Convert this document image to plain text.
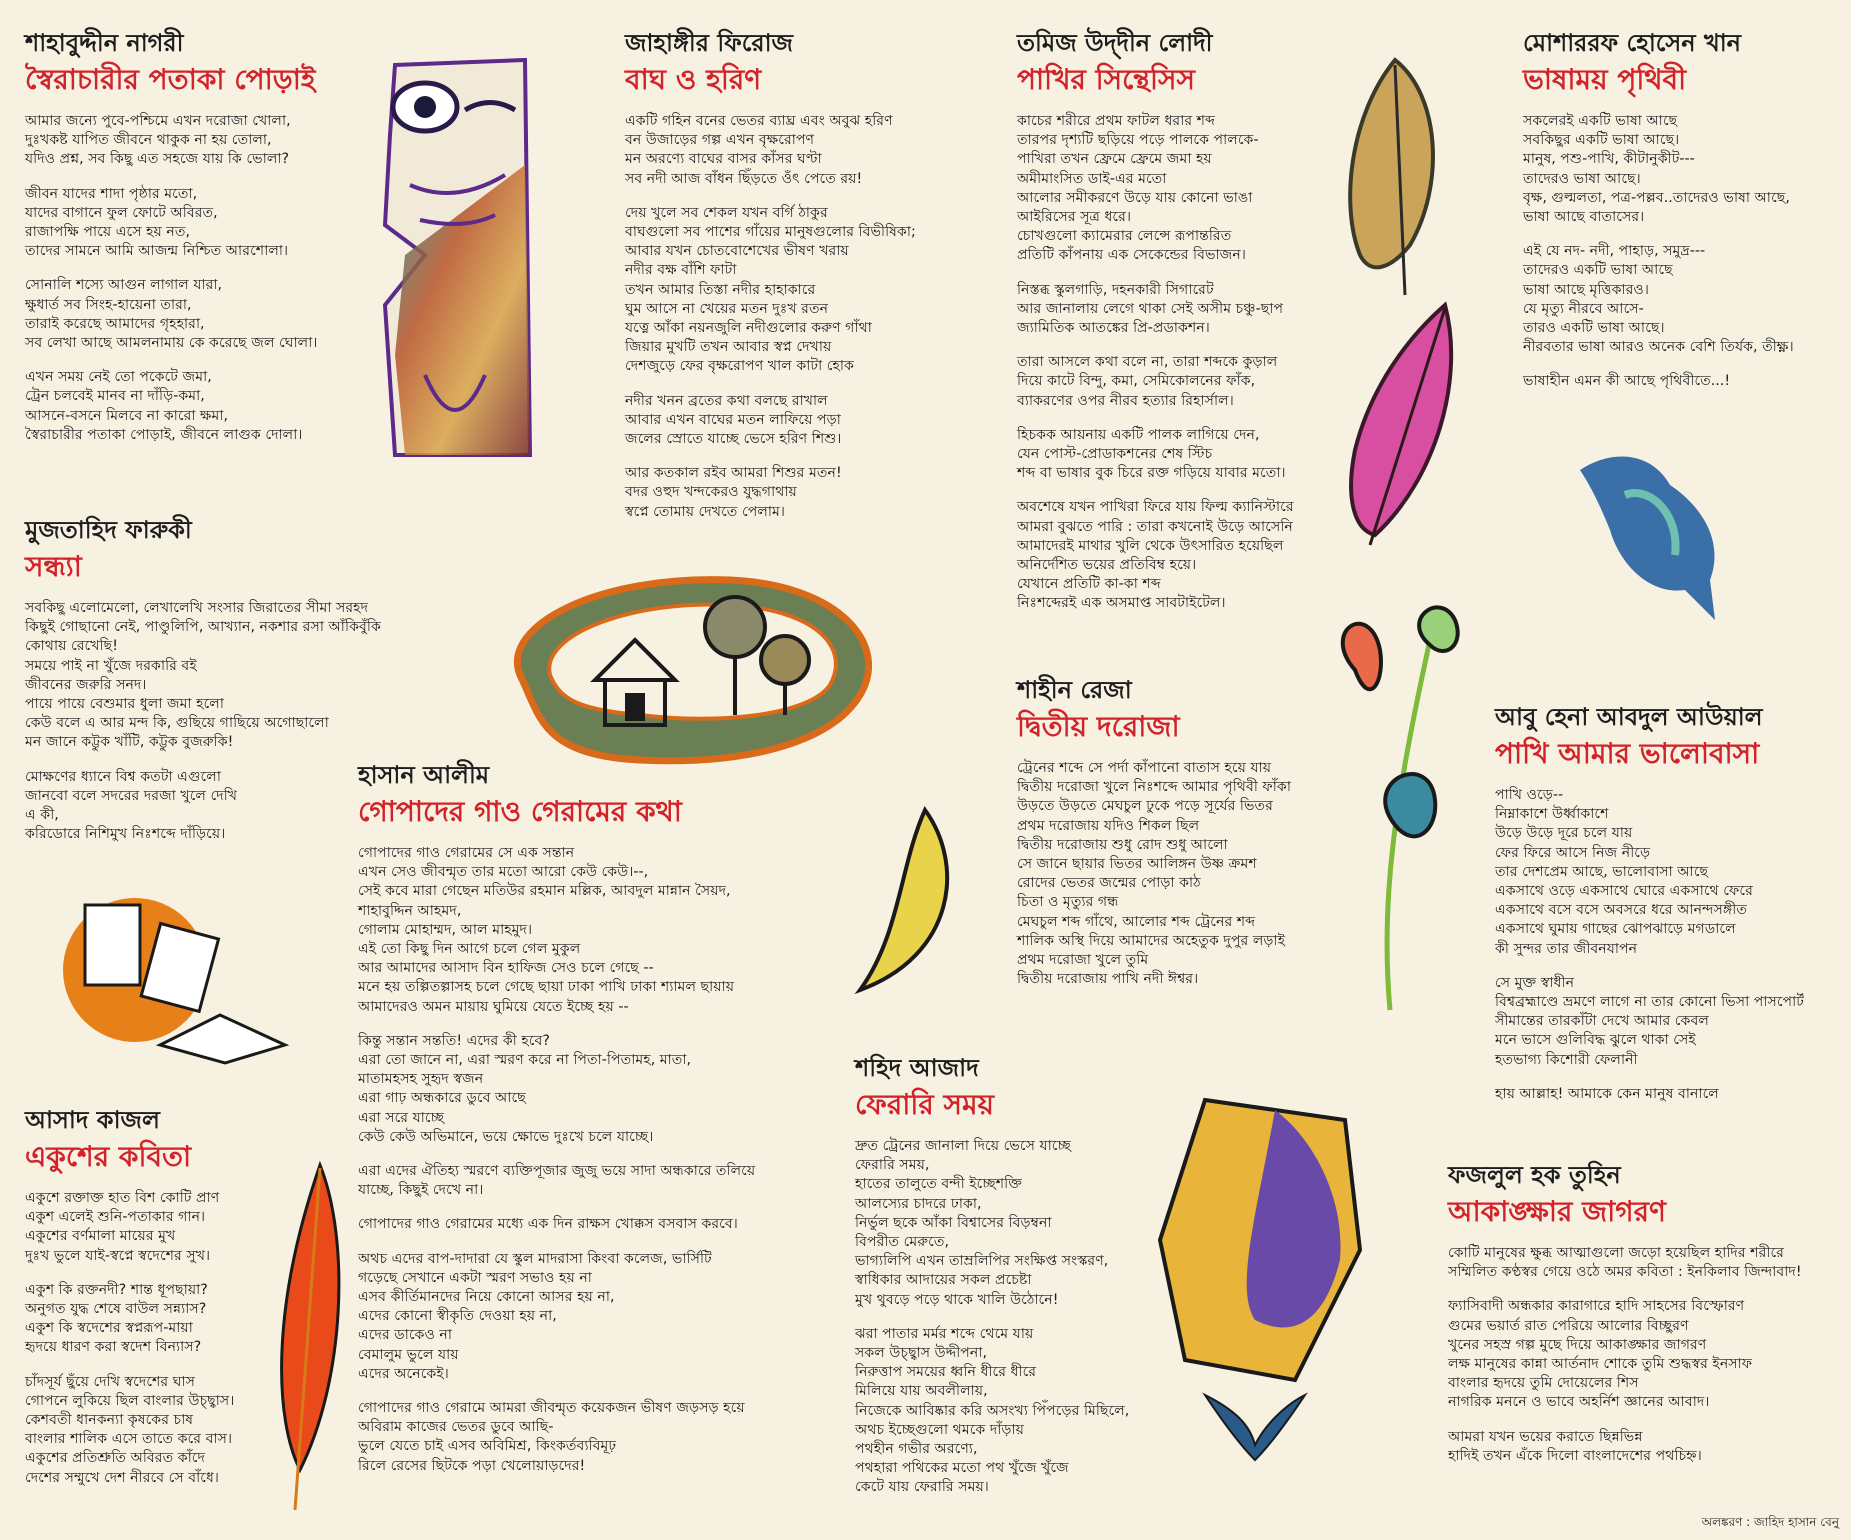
শাহাবুদ্দীন নাগরী
স্বৈরাচারীর পতাকা পোড়াই
আমার জন্যে পুবে-পশ্চিমে এখন দরোজা খোলা,
দুঃখকষ্ট যাপিত জীবনে থাকুক না হয় তোলা,
যদিও প্রশ্ন, সব কিছু এত সহজে যায় কি ভোলা?
জীবন যাদের শাদা পৃষ্ঠার মতো,
যাদের বাগানে ফুল ফোটে অবিরত,
রাজাপক্ষি পায়ে এসে হয় নত,
তাদের সামনে আমি আজন্ম নিশ্চিত আরশোলা।
সোনালি শস্যে আগুন লাগাল যারা,
ক্ষুধার্ত সব সিংহ-হায়েনা তারা,
তারাই করেছে আমাদের গৃহহারা,
সব লেখা আছে আমলনামায় কে করেছে জল ঘোলা।
এখন সময় নেই তো পকেটে জমা,
ট্রেন চলবেই মানব না দাঁড়ি-কমা,
আসনে-বসনে মিলবে না কারো ক্ষমা,
স্বৈরাচারীর পতাকা পোড়াই, জীবনে লাগুক দোলা।
মুজতাহিদ ফারুকী
সন্ধ্যা
সবকিছু এলোমেলো, লেখালেখি সংসার জিরাতের সীমা সরহদ
কিছুই গোছানো নেই, পাণ্ডুলিপি, আখ্যান, নকশার রসা আঁকিবুঁকি
কোথায় রেখেছি!
সময়ে পাই না খুঁজে দরকারি বই
জীবনের জরুরি সনদ।
পায়ে পায়ে বেশুমার ধুলা জমা হলো
কেউ বলে এ আর মন্দ কি, গুছিয়ে গাছিয়ে অগোছালো
মন জানে কট্টুক খাঁটি, কট্টুক বুজরুকি!
মোক্ষণের ধ্যানে বিশ্ব কতটা এগুলো
জানবো বলে সদরের দরজা খুলে দেখি
এ কী,
করিডোরে নিশিমুখ নিঃশব্দে দাঁড়িয়ে।
আসাদ কাজল
একুশের কবিতা
একুশে রক্তাক্ত হাত বিশ কোটি প্রাণ
একুশ এলেই শুনি-পতাকার গান।
একুশের বর্ণমালা মায়ের মুখ
দুঃখ ভুলে যাই-স্বপ্নে স্বদেশের সুখ।
একুশ কি রক্তনদী? শান্ত ধূপছায়া?
অনুগত যুদ্ধ শেষে বাউল সন্ন্যাস?
একুশ কি স্বদেশের স্বপ্নরূপ-মায়া
হৃদয়ে ধারণ করা স্বদেশ বিন্যাস?
চাঁদসূর্য ছুঁয়ে দেখি স্বদেশের ঘাস
গোপনে লুকিয়ে ছিল বাংলার উচ্ছ্বাস।
কেশবতী ধানকন্যা কৃষকের চাষ
বাংলার শালিক এসে তাতে করে বাস।
একুশের প্রতিশ্রুতি অবিরত কাঁদে
দেশের সম্মুখে দেশ নীরবে সে বাঁধে।
জাহাঙ্গীর ফিরোজ
বাঘ ও হরিণ
একটি গহিন বনের ভেতর ব্যাঘ্র এবং অবুঝ হরিণ
বন উজাড়ের গল্প এখন বৃক্ষরোপণ
মন অরণ্যে বাঘের বাসর কাঁসর ঘণ্টা
সব নদী আজ বাঁধন ছিঁড়তে ওঁৎ পেতে রয়!
দেয় খুলে সব শেকল যখন বর্গি ঠাকুর
বাঘগুলো সব পাশের গাঁয়ের মানুষগুলোর বিভীষিকা;
আবার যখন চোতবোশেখের ভীষণ খরায়
নদীর বক্ষ বাঁশি ফাটা
তখন আমার তিস্তা নদীর হাহাকারে
ঘুম আসে না খেয়ের মতন দুঃখ রতন
যত্নে আঁকা নয়নজুলি নদীগুলোর করুণ গাঁথা
জিয়ার মুখটি তখন আবার স্বপ্ন দেখায়
দেশজুড়ে ফের বৃক্ষরোপণ খাল কাটা হোক
নদীর খনন ব্রতের কথা বলছে রাখাল
আবার এখন বাঘের মতন লাফিয়ে পড়া
জলের স্রোতে যাচ্ছে ভেসে হরিণ শিশু।
আর কতকাল রইব আমরা শিশুর মতন!
বদর ওহুদ খন্দকেরও যুদ্ধগাথায়
স্বপ্নে তোমায় দেখতে পেলাম।
হাসান আলীম
গোপাদের গাও গেরামের কথা
গোপাদের গাও গেরামের সে এক সন্তান
এখন সেও জীবন্মৃত তার মতো আরো কেউ কেউ।--,
সেই কবে মারা গেছেন মতিউর রহমান মল্লিক, আবদুল মান্নান সৈয়দ,
শাহাবুদ্দিন আহমদ,
গোলাম মোহাম্মদ, আল মাহমুদ।
এই তো কিছু দিন আগে চলে গেল মুকুল
আর আমাদের আসাদ বিন হাফিজ সেও চলে গেছে --
মনে হয় তল্পিতল্পাসহ চলে গেছে ছায়া ঢাকা পাখি ঢাকা শ্যামল ছায়ায়
আমাদেরও অমন মায়ায় ঘুমিয়ে যেতে ইচ্ছে হয় --
কিন্তু সন্তান সন্ততি! এদের কী হবে?
এরা তো জানে না, এরা স্মরণ করে না পিতা-পিতামহ, মাতা,
মাতামহসহ সুহৃদ স্বজন
এরা গাঢ় অন্ধকারে ডুবে আছে
এরা সরে যাচ্ছে
কেউ কেউ অভিমানে, ভয়ে ক্ষোভে দুঃখে চলে যাচ্ছে।
এরা এদের ঐতিহ্য স্মরণে ব্যক্তিপূজার জুজু ভয়ে সাদা অন্ধকারে তলিয়ে
যাচ্ছে, কিছুই দেখে না।
গোপাদের গাও গেরামের মধ্যে এক দিন রাক্ষস খোক্কস বসবাস করবে।
অথচ এদের বাপ-দাদারা যে স্কুল মাদরাসা কিংবা কলেজ, ভার্সিটি
গড়েছে সেখানে একটা স্মরণ সভাও হয় না
এসব কীর্তিমানদের নিয়ে কোনো আসর হয় না,
এদের কোনো স্বীকৃতি দেওয়া হয় না,
এদের ডাকেও না
বেমালুম ভুলে যায়
এদের অনেকেই।
গোপাদের গাও গেরামে আমরা জীবন্মৃত কয়েকজন ভীষণ জড়সড় হয়ে
অবিরাম কাজের ভেতর ডুবে আছি-
ভুলে যেতে চাই এসব অবিমিশ্র, কিংকর্তব্যবিমূঢ়
রিলে রেসের ছিটকে পড়া খেলোয়াড়দের!
তমিজ উদ্‌দীন লোদী
পাখির সিন্থেসিস
কাচের শরীরে প্রথম ফাটল ধরার শব্দ
তারপর দৃশ্যটি ছড়িয়ে পড়ে পালকে পালকে-
পাখিরা তখন ফ্রেমে ফ্রেমে জমা হয়
অমীমাংসিত ডাই-এর মতো
আলোর সমীকরণে উড়ে যায় কোনো ভাঙা
আইরিসের সূত্র ধরে।
চোখগুলো ক্যামেরার লেন্সে রূপান্তরিত
প্রতিটি কাঁপনায় এক সেকেন্ডের বিভাজন।
নিস্তব্ধ স্কুলগাড়ি, দহনকারী সিগারেট
আর জানালায় লেগে থাকা সেই অসীম চঞ্চু-ছাপ
জ্যামিতিক আতঙ্কের প্রি-প্রডাকশন।
তারা আসলে কথা বলে না, তারা শব্দকে কুড়াল
দিয়ে কাটে বিন্দু, কমা, সেমিকোলনের ফাঁক,
ব্যাকরণের ওপর নীরব হত্যার রিহার্সাল।
হিচকক আয়নায় একটি পালক লাগিয়ে দেন,
যেন পোস্ট-প্রোডাকশনের শেষ স্টিচ
শব্দ বা ভাষার বুক চিরে রক্ত গড়িয়ে যাবার মতো।
অবশেষে যখন পাখিরা ফিরে যায় ফিল্ম ক্যানিস্টারে
আমরা বুঝতে পারি : তারা কখনোই উড়ে আসেনি
আমাদেরই মাথার খুলি থেকে উৎসারিত হয়েছিল
অনির্দেশিত ভয়ের প্রতিবিম্ব হয়ে।
যেখানে প্রতিটি কা-কা শব্দ
নিঃশব্দেরই এক অসমাপ্ত সাবটাইটেল।
শাহীন রেজা
দ্বিতীয় দরোজা
ট্রেনের শব্দে সে পর্দা কাঁপানো বাতাস হয়ে যায়
দ্বিতীয় দরোজা খুলে নিঃশব্দে আমার পৃথিবী ফাঁকা
উড়তে উড়তে মেঘচুল ঢুকে পড়ে সূর্যের ভিতর
প্রথম দরোজায় যদিও শিকল ছিল
দ্বিতীয় দরোজায় শুধু রোদ শুধু আলো
সে জানে ছায়ার ভিতর আলিঙ্গন উষ্ণ ক্রমশ
রোদের ভেতর জন্মের পোড়া কাঠ
চিতা ও মৃত্যুর গন্ধ
মেঘচুল শব্দ গাঁথে, আলোর শব্দ ট্রেনের শব্দ
শালিক অস্থি দিয়ে আমাদের অহেতুক দুপুর লড়াই
প্রথম দরোজা খুলে তুমি
দ্বিতীয় দরোজায় পাখি নদী ঈশ্বর।
শহিদ আজাদ
ফেরারি সময়
দ্রুত ট্রেনের জানালা দিয়ে ভেসে যাচ্ছে
ফেরারি সময়,
হাতের তালুতে বন্দী ইচ্ছেশক্তি
আলস্যের চাদরে ঢাকা,
নির্ভুল ছকে আঁকা বিশ্বাসের বিড়ম্বনা
বিপরীত মেরুতে,
ভাগ্যলিপি এখন তাম্রলিপির সংক্ষিপ্ত সংস্করণ,
স্বাধিকার আদায়ের সকল প্রচেষ্টা
মুখ থুবড়ে পড়ে থাকে খালি উঠোনে!
ঝরা পাতার মর্মর শব্দে থেমে যায়
সকল উচ্ছ্বাস উদ্দীপনা,
নিরুত্তাপ সময়ের ধ্বনি ধীরে ধীরে
মিলিয়ে যায় অবলীলায়,
নিজেকে আবিষ্কার করি অসংখ্য পিঁপড়ের মিছিলে,
অথচ ইচ্ছেগুলো থমকে দাঁড়ায়
পথহীন গভীর অরণ্যে,
পথহারা পথিকের মতো পথ খুঁজে খুঁজে
কেটে যায় ফেরারি সময়।
মোশাররফ হোসেন খান
ভাষাময় পৃথিবী
সকলেরই একটি ভাষা আছে
সবকিছুর একটি ভাষা আছে।
মানুষ, পশু-পাখি, কীটানুকীট---
তাদেরও ভাষা আছে।
বৃক্ষ, গুল্মলতা, পত্র-পল্লব..তাদেরও ভাষা আছে,
ভাষা আছে বাতাসের।
এই যে নদ- নদী, পাহাড়, সমুদ্র---
তাদেরও একটি ভাষা আছে
ভাষা আছে মৃত্তিকারও।
যে মৃত্যু নীরবে আসে-
তারও একটি ভাষা আছে।
নীরবতার ভাষা আরও অনেক বেশি তির্যক, তীক্ষ্ণ।
ভাষাহীন এমন কী আছে পৃথিবীতে...!
আবু হেনা আবদুল আউয়াল
পাখি আমার ভালোবাসা
পাখি ওড়ে--
নিম্নাকাশে উর্ধ্বাকাশে
উড়ে উড়ে দূরে চলে যায়
ফের ফিরে আসে নিজ নীড়ে
তার দেশপ্রেম আছে, ভালোবাসা আছে
একসাথে ওড়ে একসাথে ঘোরে একসাথে ফেরে
একসাথে বসে বসে অবসরে ধরে আনন্দসঙ্গীত
একসাথে ঘুমায় গাছের ঝোপঝাড়ে মগডালে
কী সুন্দর তার জীবনযাপন
সে মুক্ত স্বাধীন
বিশ্বব্রহ্মাণ্ডে ভ্রমণে লাগে না তার কোনো ভিসা পাসপোর্ট
সীমান্তের তারকাঁটা দেখে আমার কেবল
মনে ভাসে গুলিবিদ্ধ ঝুলে থাকা সেই
হতভাগ্য কিশোরী ফেলানী
হায় আল্লাহ! আমাকে কেন মানুষ বানালে
ফজলুল হক তুহিন
আকাঙ্ক্ষার জাগরণ
কোটি মানুষের ক্ষুব্ধ আত্মাগুলো জড়ো হয়েছিল হাদির শরীরে
সম্মিলিত কণ্ঠস্বর গেয়ে ওঠে অমর কবিতা : ইনকিলাব জিন্দাবাদ!
ফ্যাসিবাদী অন্ধকার কারাগারে হাদি সাহসের বিস্ফোরণ
গুমের ভয়ার্ত রাত পেরিয়ে আলোর বিচ্ছুরণ
খুনের সহস্র গল্প মুছে দিয়ে আকাঙ্ক্ষার জাগরণ
লক্ষ মানুষের কান্না আর্তনাদ শোকে তুমি শুদ্ধস্বর ইনসাফ
বাংলার হৃদয়ে তুমি দোয়েলের শিস
নাগরিক মননে ও ভাবে অহর্নিশ জ্ঞানের আবাদ।
আমরা যখন ভয়ের করাতে ছিন্নভিন্ন
হাদিই তখন এঁকে দিলো বাংলাদেশের পথচিহ্ন।
অলঙ্করণ : জাহিদ হাসান বেনু
